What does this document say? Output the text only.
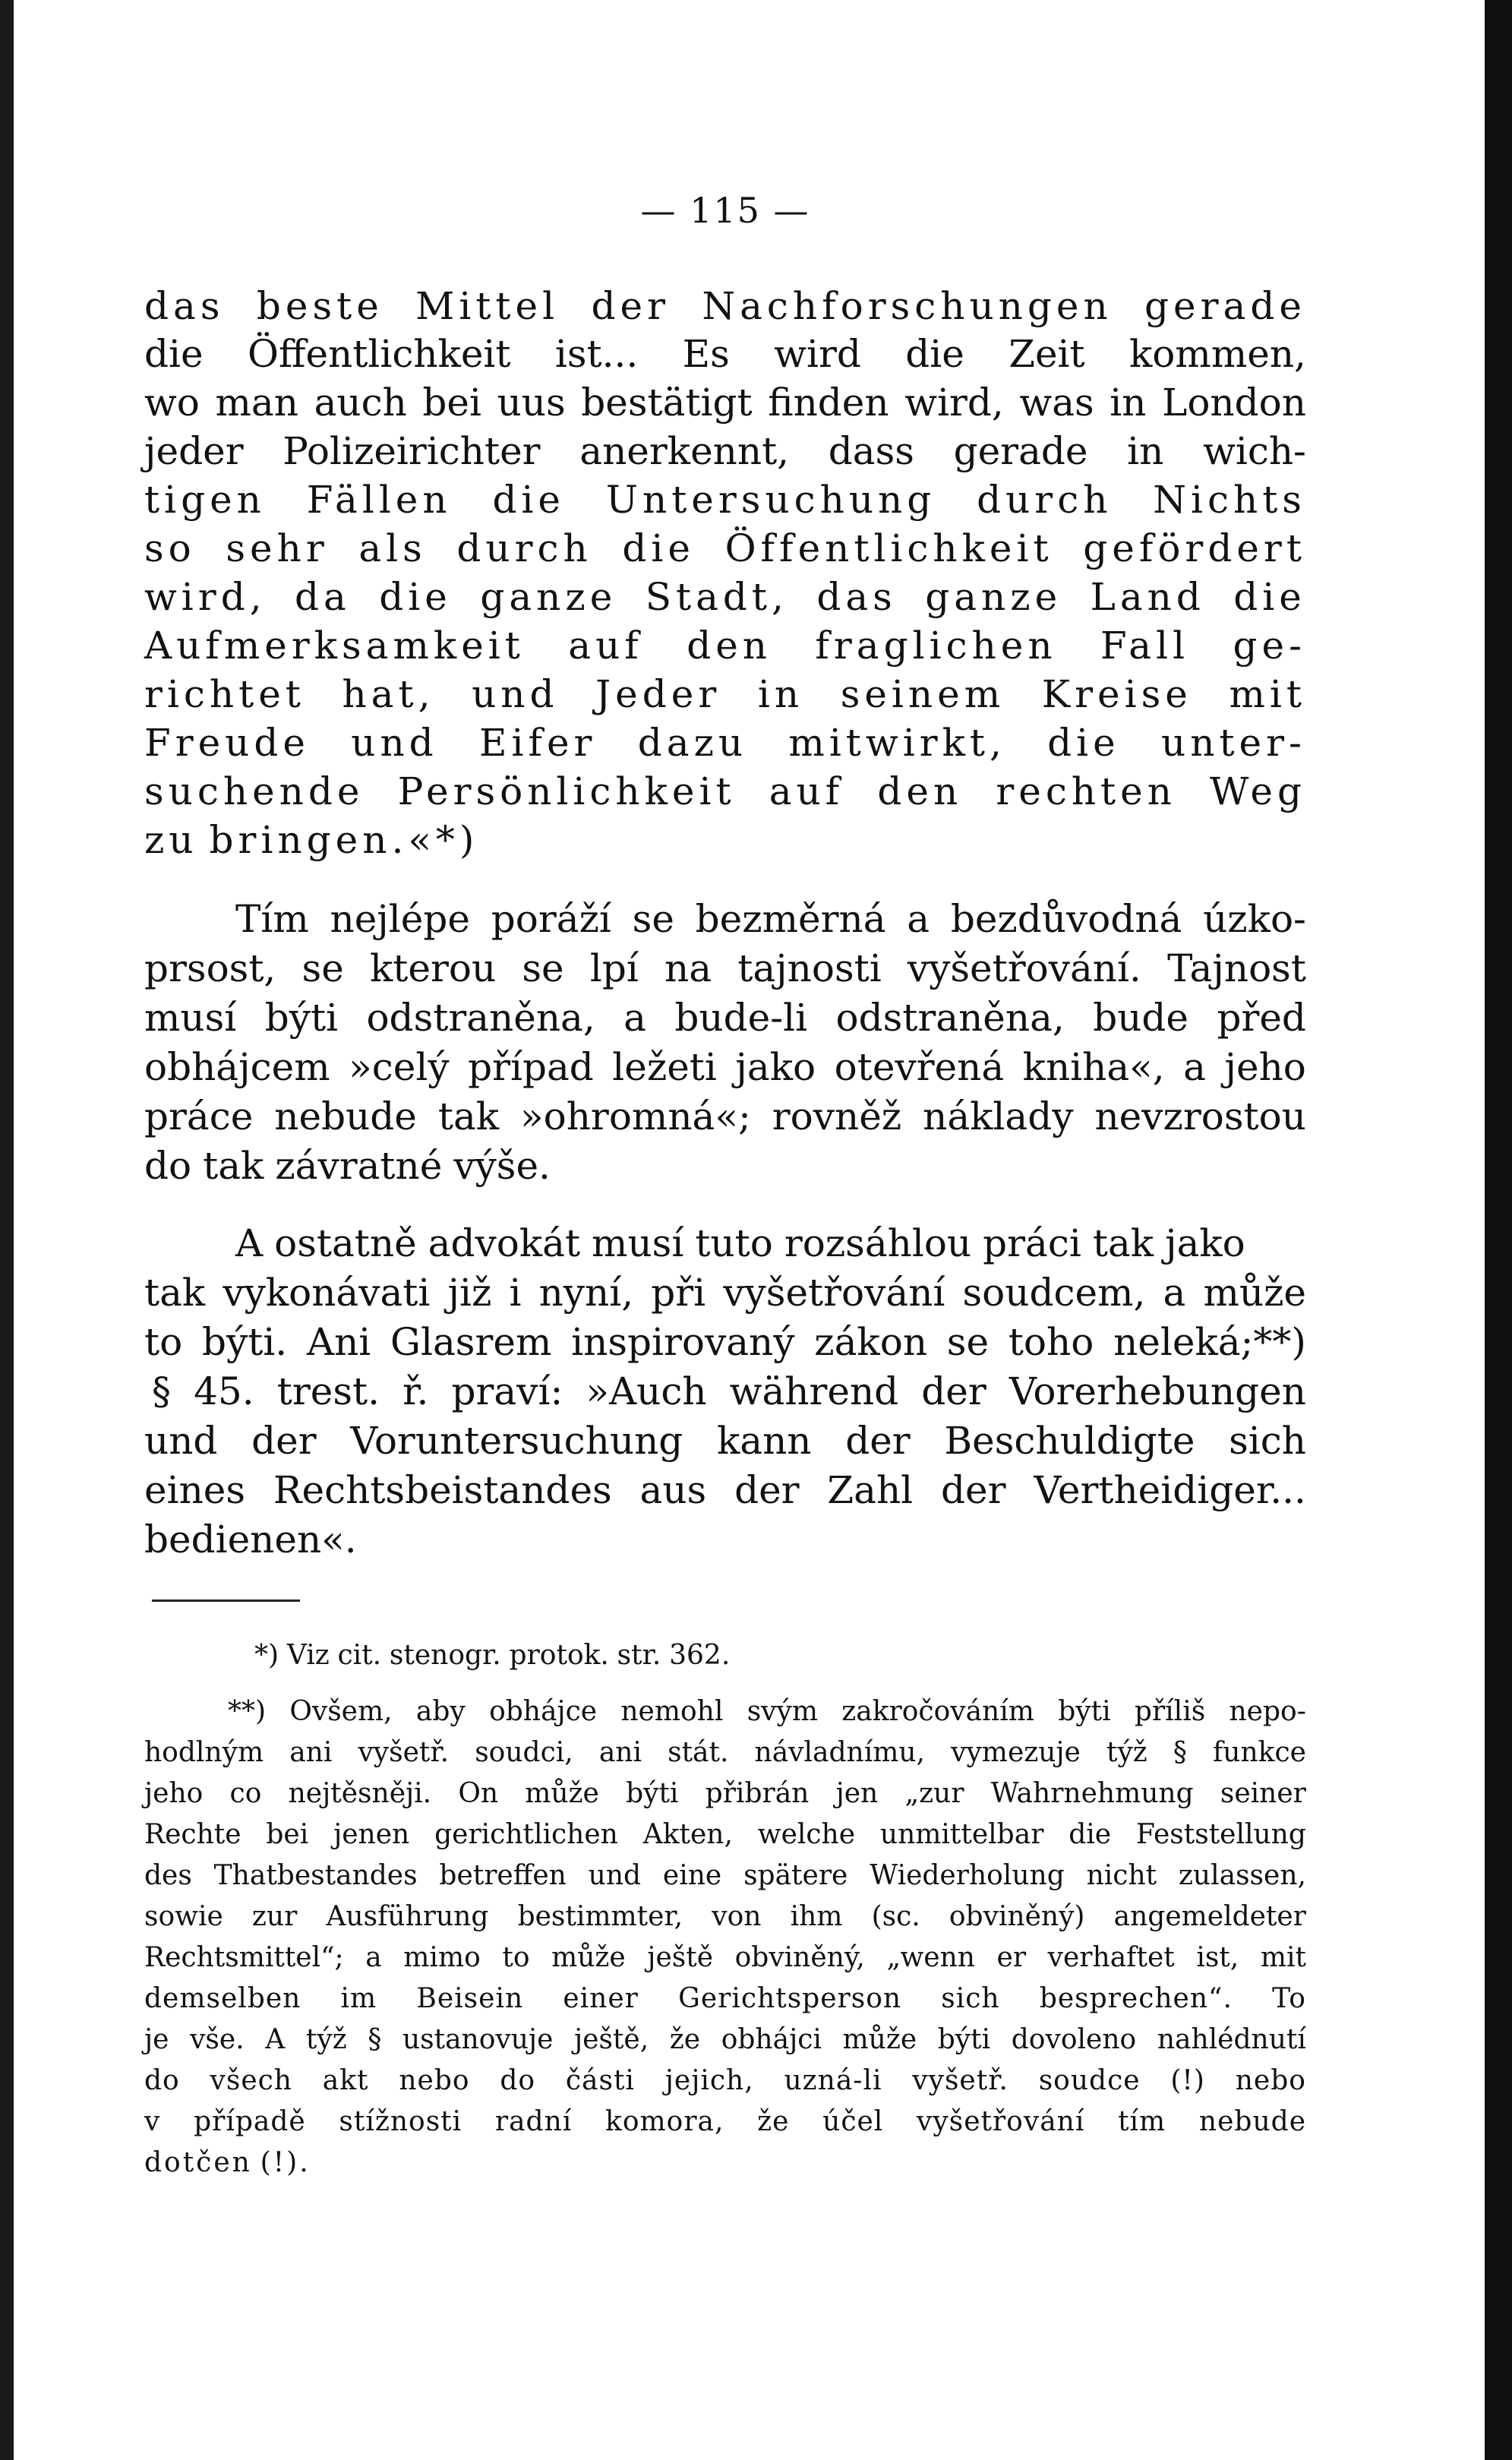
— 115 —
das beste Mittel der Nachforschungen gerade
die Öffentlichkeit ist... Es wird die Zeit kommen,
wo man auch bei uus bestätigt finden wird, was in London
jeder Polizeirichter anerkennt, dass gerade in wich-
tigen Fällen die Untersuchung durch Nichts
so sehr als durch die Öffentlichkeit gefördert
wird, da die ganze Stadt, das ganze Land die
Aufmerksamkeit auf den fraglichen Fall ge-
richtet hat, und Jeder in seinem Kreise mit
Freude und Eifer dazu mitwirkt, die unter-
suchende Persönlichkeit auf den rechten Weg
zu bringen.«*)
Tím nejlépe poráží se bezměrná a bezdůvodná úzko-
prsost, se kterou se lpí na tajnosti vyšetřování. Tajnost
musí býti odstraněna, a bude-li odstraněna, bude před
obhájcem »celý případ ležeti jako otevřená kniha«, a jeho
práce nebude tak »ohromná«; rovněž náklady nevzrostou
do tak závratné výše.
A ostatně advokát musí tuto rozsáhlou práci tak jako
tak vykonávati již i nyní, při vyšetřování soudcem, a může
to býti. Ani Glasrem inspirovaný zákon se toho neleká;**)
§ 45. trest. ř. praví: »Auch während der Vorerhebungen
und der Voruntersuchung kann der Beschuldigte sich
eines Rechtsbeistandes aus der Zahl der Vertheidiger...
bedienen«.
*) Viz cit. stenogr. protok. str. 362.
**) Ovšem, aby obhájce nemohl svým zakročováním býti příliš nepo-
hodlným ani vyšetř. soudci, ani stát. návladnímu, vymezuje týž § funkce
jeho co nejtěsněji. On může býti přibrán jen „zur Wahrnehmung seiner
Rechte bei jenen gerichtlichen Akten, welche unmittelbar die Feststellung
des Thatbestandes betreffen und eine spätere Wiederholung nicht zulassen,
sowie zur Ausführung bestimmter, von ihm (sc. obviněný) angemeldeter
Rechtsmittel“; a mimo to může ještě obviněný, „wenn er verhaftet ist, mit
demselben im Beisein einer Gerichtsperson sich besprechen“. To
je vše. A týž § ustanovuje ještě, že obhájci může býti dovoleno nahlédnutí
do všech akt nebo do části jejich, uzná-li vyšetř. soudce (!) nebo
v případě stížnosti radní komora, že účel vyšetřování tím nebude
dotčen (!).
